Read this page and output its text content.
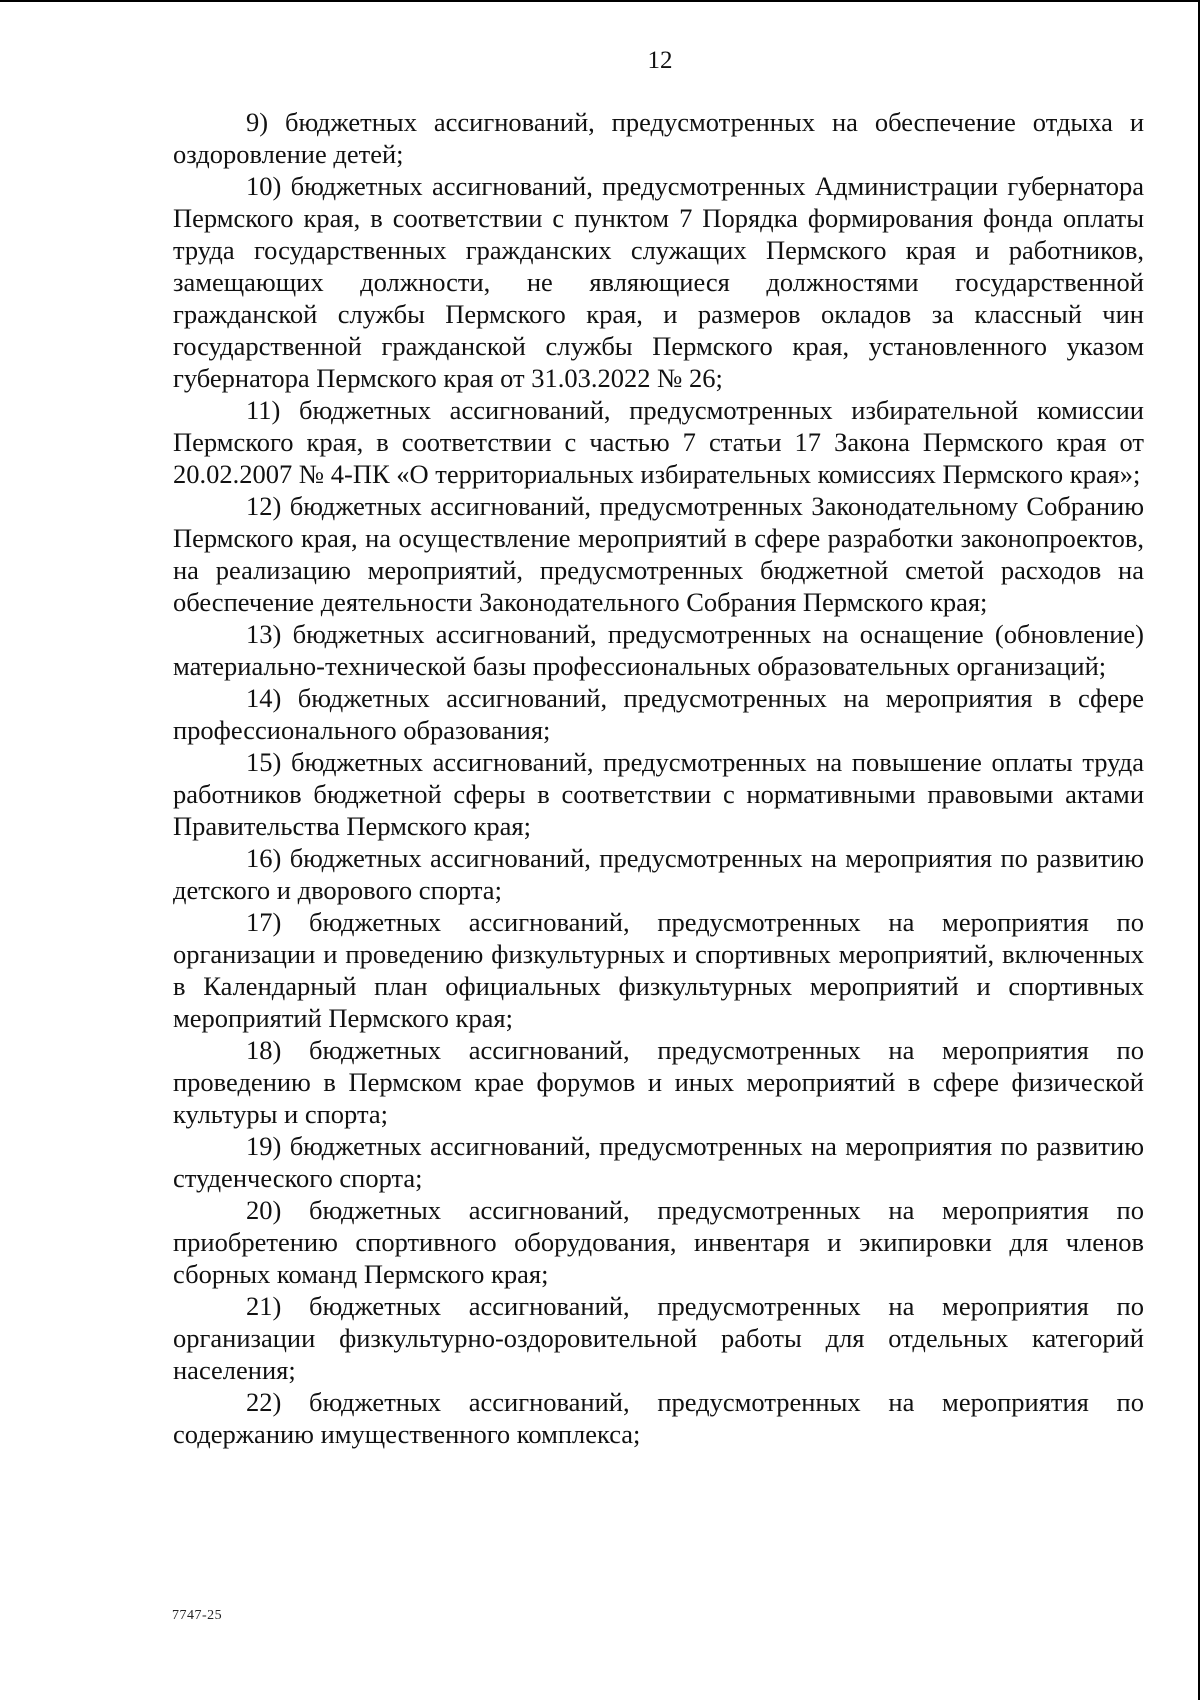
12

9) бюджетных ассигнований, предусмотренных на обеспечение отдыха и оздоровление детей;

10) бюджетных ассигнований, предусмотренных Администрации губернатора Пермского края, в соответствии с пунктом 7 Порядка формирования фонда оплаты труда государственных гражданских служащих Пермского края и работников, замещающих должности, не являющиеся должностями государственной гражданской службы Пермского края, и размеров окладов за классный чин государственной гражданской службы Пермского края, установленного указом губернатора Пермского края от 31.03.2022 № 26;

11) бюджетных ассигнований, предусмотренных избирательной комиссии Пермского края, в соответствии с частью 7 статьи 17 Закона Пермского края от 20.02.2007 № 4-ПК «О территориальных избирательных комиссиях Пермского края»;

12) бюджетных ассигнований, предусмотренных Законодательному Собранию Пермского края, на осуществление мероприятий в сфере разработки законопроектов, на реализацию мероприятий, предусмотренных бюджетной сметой расходов на обеспечение деятельности Законодательного Собрания Пермского края;

13) бюджетных ассигнований, предусмотренных на оснащение (обновление) материально-технической базы профессиональных образовательных организаций;

14) бюджетных ассигнований, предусмотренных на мероприятия в сфере профессионального образования;

15) бюджетных ассигнований, предусмотренных на повышение оплаты труда работников бюджетной сферы в соответствии с нормативными правовыми актами Правительства Пермского края;

16) бюджетных ассигнований, предусмотренных на мероприятия по развитию детского и дворового спорта;

17) бюджетных ассигнований, предусмотренных на мероприятия по организации и проведению физкультурных и спортивных мероприятий, включенных в Календарный план официальных физкультурных мероприятий и спортивных мероприятий Пермского края;

18) бюджетных ассигнований, предусмотренных на мероприятия по проведению в Пермском крае форумов и иных мероприятий в сфере физической культуры и спорта;

19) бюджетных ассигнований, предусмотренных на мероприятия по развитию студенческого спорта;

20) бюджетных ассигнований, предусмотренных на мероприятия по приобретению спортивного оборудования, инвентаря и экипировки для членов сборных команд Пермского края;

21) бюджетных ассигнований, предусмотренных на мероприятия по организации физкультурно-оздоровительной работы для отдельных категорий населения;

22) бюджетных ассигнований, предусмотренных на мероприятия по содержанию имущественного комплекса;

7747-25
